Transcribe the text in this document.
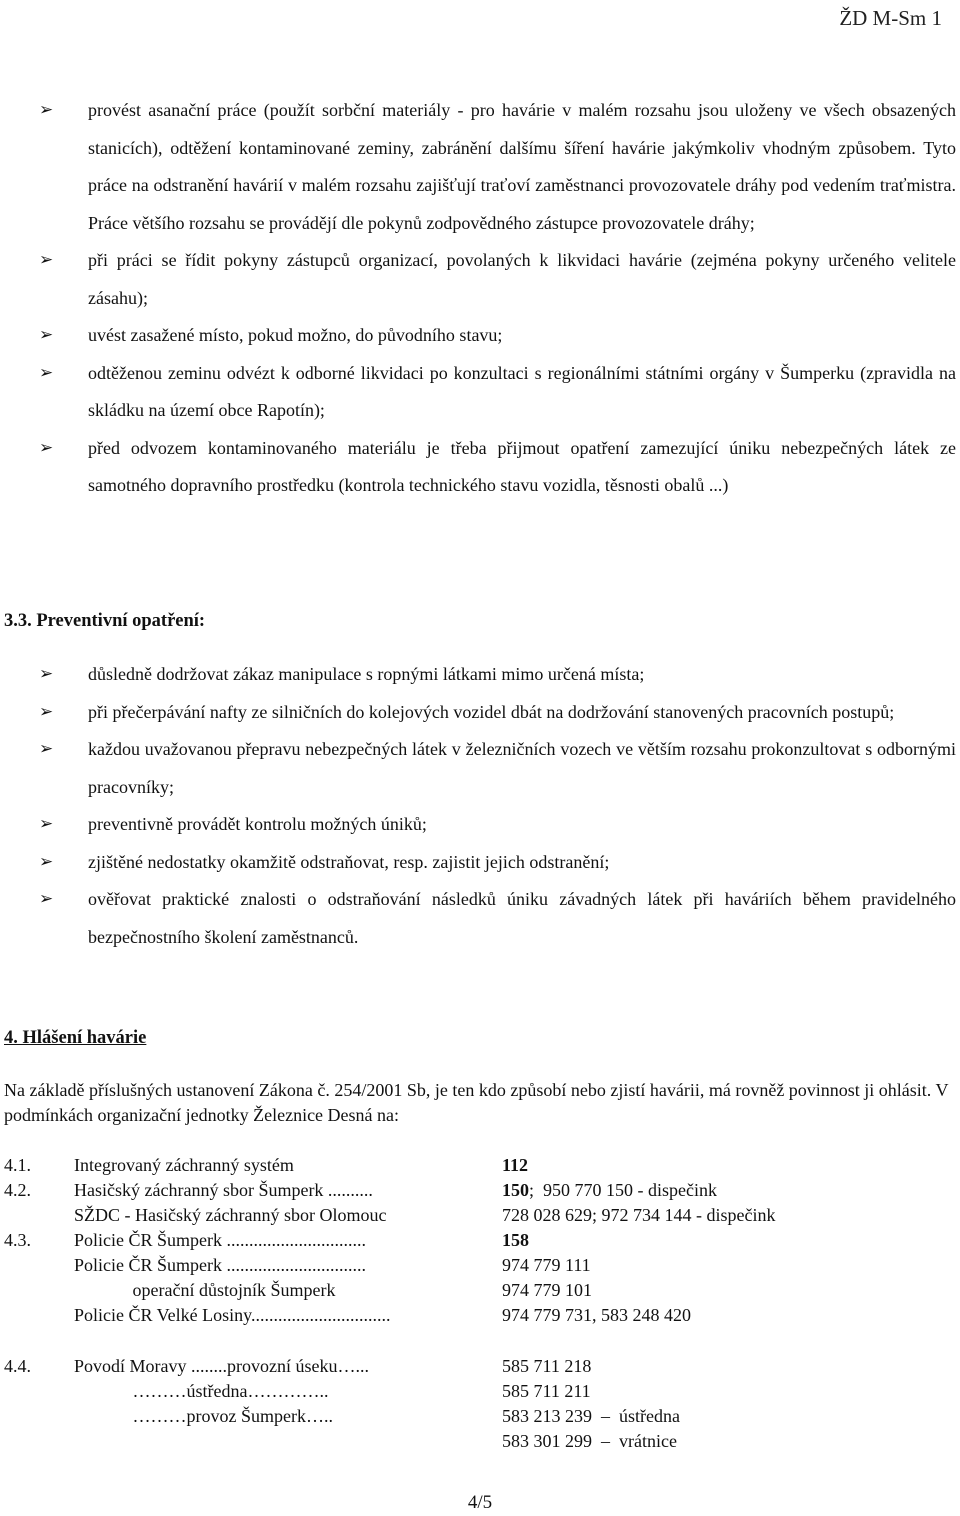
ŽD M-Sm 1
➢ provést asanační práce (použít sorbční materiály - pro havárie v malém rozsahu jsou uloženy ve všech obsazených stanicích), odtěžení kontaminované zeminy, zabránění dalšímu šíření havárie jakýmkoliv vhodným způsobem. Tyto práce na odstranění havárií v malém rozsahu zajišťují traťoví zaměstnanci provozovatele dráhy pod vedením traťmistra. Práce většího rozsahu se provádějí dle pokynů zodpovědného zástupce provozovatele dráhy;
➢ při práci se řídit pokyny zástupců organizací, povolaných k likvidaci havárie (zejména pokyny určeného velitele zásahu);
➢ uvést zasažené místo, pokud možno, do původního stavu;
➢ odtěženou zeminu odvézt k odborné likvidaci po konzultaci s regionálními státními orgány v Šumperku (zpravidla na skládku na území obce Rapotín);
➢ před odvozem kontaminovaného materiálu je třeba přijmout opatření zamezující úniku nebezpečných látek ze samotného dopravního prostředku (kontrola technického stavu vozidla, těsnosti obalů ...)
3.3. Preventivní opatření:
➢ důsledně dodržovat zákaz manipulace s ropnými látkami mimo určená místa;
➢ při přečerpávání nafty ze silničních do kolejových vozidel dbát na dodržování stanovených pracovních postupů;
➢ každou uvažovanou přepravu nebezpečných látek v železničních vozech ve větším rozsahu prokonzultovat s odbornými pracovníky;
➢ preventivně provádět kontrolu možných úniků;
➢ zjištěné nedostatky okamžitě odstraňovat, resp. zajistit jejich odstranění;
➢ ověřovat praktické znalosti o odstraňování následků úniku závadných látek při haváriích během pravidelného bezpečnostního školení zaměstnanců.
4. Hlášení havárie
Na základě příslušných ustanovení Zákona č. 254/2001 Sb, je ten kdo způsobí nebo zjistí havárii, má rovněž povinnost ji ohlásit. V podmínkách organizační jednotky Železnice Desná na:
4.1. Integrovaný záchranný systém	112
4.2. Hasičský záchranný sbor Šumperk ..........	150;  950 770 150 - dispečink
SŽDC - Hasičský záchranný sbor Olomouc	728 028 629; 972 734 144 - dispečink
4.3. Policie ČR Šumperk ...............................	158
Policie ČR Šumperk ...............................	974 779 111
operační důstojník Šumperk	974 779 101
Policie ČR Velké Losiny...............................	974 779 731, 583 248 420
4.4. Povodí Moravy ........provozní úseku…...	585 711 218
………ústředna…………..	585 711 211
………provoz Šumperk…..	583 213 239  –  ústředna
583 301 299  –  vrátnice
4/5
